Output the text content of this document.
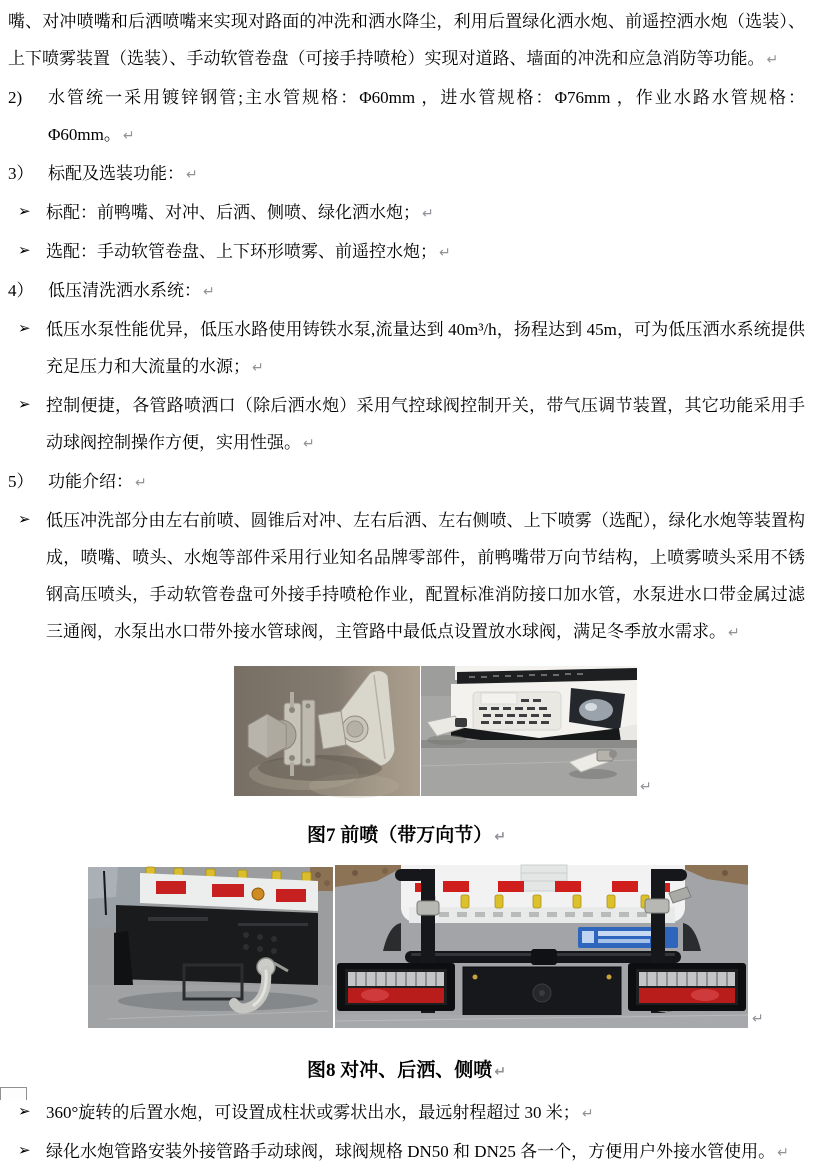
嘴、对冲喷嘴和后洒喷嘴来实现对路面的冲洗和洒水降尘，利用后置绿化洒水炮、前遥控洒水炮（选装）、上下喷雾装置（选装）、手动软管卷盘（可接手持喷枪）实现对道路、墙面的冲洗和应急消防等功能。 ↵

2)	水管统一采用镀锌钢管;主水管规格：Φ60mm ，进水管规格：Φ76mm ，作业水路水管规格：Φ60mm。 ↵
3） 标配及选装功能： ↵
➢ 标配：前鸭嘴、对冲、后洒、侧喷、绿化洒水炮； ↵
➢ 选配：手动软管卷盘、上下环形喷雾、前遥控水炮； ↵
4） 低压清洗洒水系统： ↵
➢ 低压水泵性能优异，低压水路使用铸铁水泵,流量达到 40m³/h，扬程达到 45m，可为低压洒水系统提供充足压力和大流量的水源； ↵
➢ 控制便捷，各管路喷洒口（除后洒水炮）采用气控球阀控制开关，带气压调节装置，其它功能采用手动球阀控制操作方便，实用性强。 ↵
5） 功能介绍： ↵
➢ 低压冲洗部分由左右前喷、圆锥后对冲、左右后洒、左右侧喷、上下喷雾（选配），绿化水炮等装置构成，喷嘴、喷头、水炮等部件采用行业知名品牌零部件，前鸭嘴带万向节结构，上喷雾喷头采用不锈钢高压喷头，手动软管卷盘可外接手持喷枪作业，配置标准消防接口加水管，水泵进水口带金属过滤三通阀，水泵出水口带外接水管球阀，主管路中最低点设置放水球阀，满足冬季放水需求。 ↵
↵

图7 前喷（带万向节） ↵

↵

图8 对冲、后洒、侧喷 ↵

➢ 360°旋转的后置水炮，可设置成柱状或雾状出水，最远射程超过 30 米； ↵
➢ 绿化水炮管路安装外接管路手动球阀，球阀规格 DN50 和 DN25 各一个，方便用户外接水管使用。 ↵
